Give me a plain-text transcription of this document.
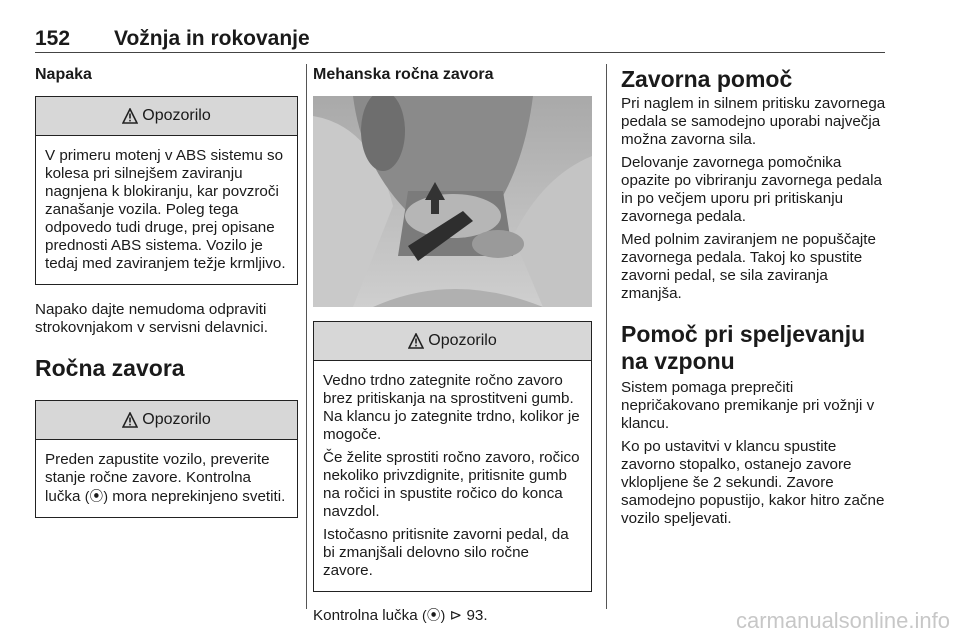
152 Vožnja in rokovanje
Napaka
Opozorilo

V primeru motenj v ABS sistemu so kolesa pri silnejšem zaviranju nagnjena k blokiranju, kar povzroči zanašanje vozila. Poleg tega odpovedo tudi druge, prej opisane prednosti ABS sistema. Vozilo je tedaj med zaviranjem težje krmljivo.

Napako dajte nemudoma odpraviti strokovnjakom v servisni delavnici.

Ročna zavora
Opozorilo

Preden zapustite vozilo, preverite stanje ročne zavore. Kontrolna lučka (⦿) mora neprekinjeno svetiti.

Mehanska ročna zavora
Opozorilo

Vedno trdno zategnite ročno zavoro brez pritiskanja na sprostitveni gumb. Na klancu jo zategnite trdno, kolikor je mogoče.

Če želite sprostiti ročno zavoro, ročico nekoliko privzdignite, pritisnite gumb na ročici in spustite ročico do konca navzdol.

Istočasno pritisnite zavorni pedal, da bi zmanjšali delovno silo ročne zavore.

Kontrolna lučka (⦿) ⊳ 93.

Zavorna pomoč

Pri naglem in silnem pritisku zavornega pedala se samodejno uporabi največja možna zavorna sila.

Delovanje zavornega pomočnika opazite po vibriranju zavornega pedala in po večjem uporu pri pritiskanju zavornega pedala.

Med polnim zaviranjem ne popuščajte zavornega pedala. Takoj ko spustite zavorni pedal, se sila zaviranja zmanjša.

Pomoč pri speljevanju na vzponu

Sistem pomaga preprečiti nepričakovano premikanje pri vožnji v klancu.

Ko po ustavitvi v klancu spustite zavorno stopalko, ostanejo zavore vklopljene še 2 sekundi. Zavore samodejno popustijo, kakor hitro začne vozilo speljevati.

carmanualsonline.info
